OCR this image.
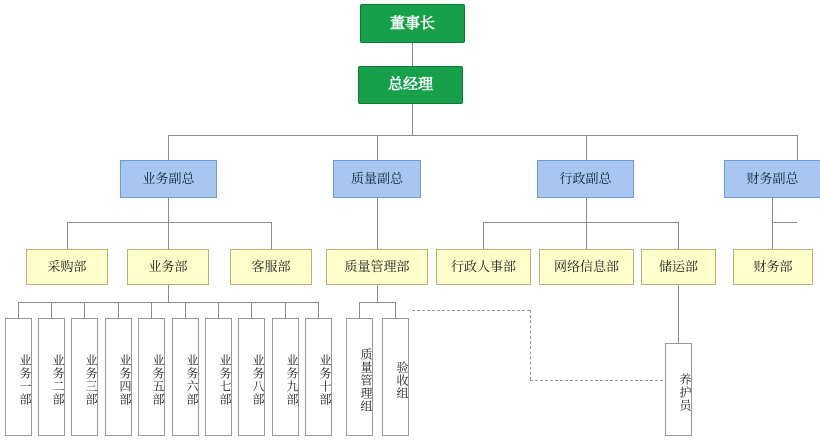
董事长
总经理
业务副总	质量副总	行政副总	财务副总
采购部	业务部	客服部	质量管理部	行政人事部	网络信息部	储运部	财务部
业务一部 业务二部 业务三部 业务四部 业务五部 业务六部 业务七部 业务八部 业务九部 业务十部 质量管理组 验收组	养护员
